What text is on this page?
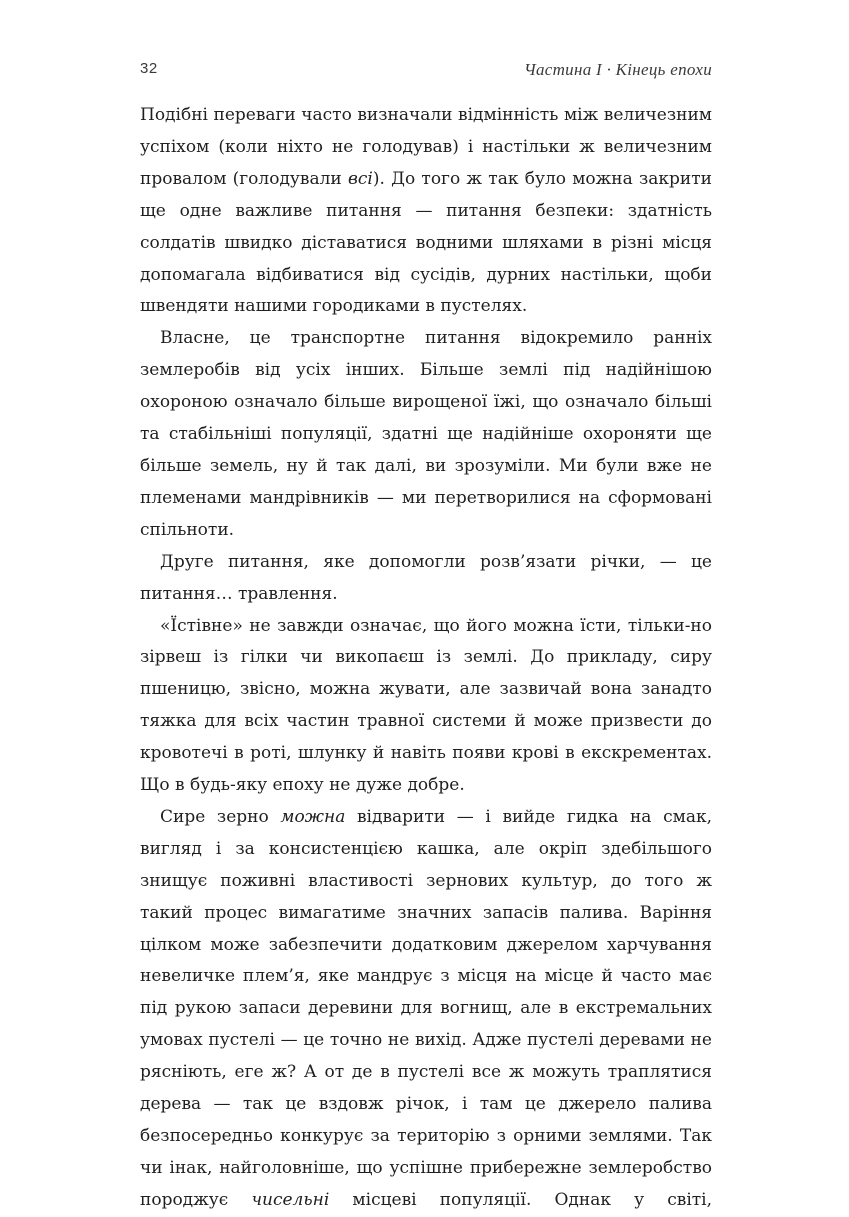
32	Частина I · Кінець епохи

Подібні переваги часто визначали відмінність між величезним успіхом (коли ніхто не голодував) і настільки ж величезним провалом (голодували всі). До того ж так було можна закрити ще одне важливе питання — питання безпеки: здатність солдатів швидко діставатися водними шляхами в різні місця допомагала відбиватися від сусідів, дурних настільки, щоби швендяти нашими городиками в пустелях.

Власне, це транспортне питання відокремило ранніх землеробів від усіх інших. Більше землі під надійнішою охороною означало більше вирощеної їжі, що означало більші та стабільніші популяції, здатні ще надійніше охороняти ще більше земель, ну й так далі, ви зрозуміли. Ми були вже не племенами мандрівників — ми перетворилися на сформовані спільноти.

Друге питання, яке допомогли розв’язати річки, — це питання… травлення.

«Їстівне» не завжди означає, що його можна їсти, тільки-но зірвеш із гілки чи викопаєш із землі. До прикладу, сиру пшеницю, звісно, можна жувати, але зазвичай вона занадто тяжка для всіх частин травної системи й може призвести до кровотечі в роті, шлунку й навіть появи крові в екскрементах. Що в будь-яку епоху не дуже добре.

Сире зерно можна відварити — і вийде гидка на смак, вигляд і за консистенцією кашка, але окріп здебільшого знищує поживні властивості зернових культур, до того ж такий процес вимагатиме значних запасів палива. Варіння цілком може забезпечити додатковим джерелом харчування невеличке плем’я, яке мандрує з місця на місце й часто має під рукою запаси деревини для вогнищ, але в екстремальних умовах пустелі — це точно не вихід. Адже пустелі деревами не рясніють, еге ж? А от де в пустелі все ж можуть траплятися дерева — так це вздовж річок, і там це джерело палива безпосередньо конкурує за територію з орними землями. Так чи інак, найголовніше, що успішне прибережне землеробство породжує чисельні місцеві популяції. Однак у світі,
